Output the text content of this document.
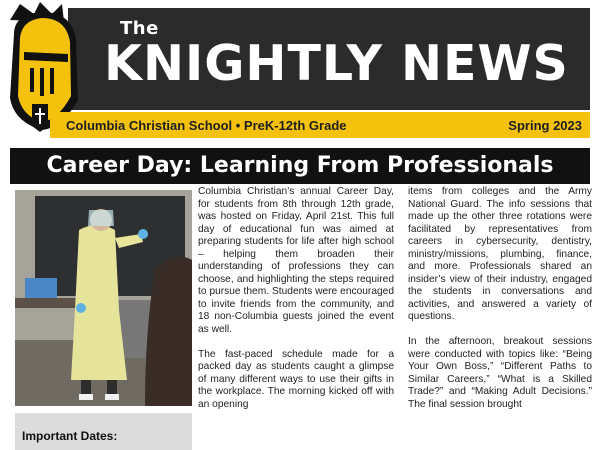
The
KNIGHTLY NEWS
Columbia Christian School • PreK-12th Grade	Spring 2023
Career Day: Learning From Professionals
Important Dates:

Columbia Christian’s annual Career Day, for students from 8th through 12th grade, was hosted on Friday, April 21st. This full day of educational fun was aimed at preparing students for life after high school – helping them broaden their understanding of professions they can choose, and highlighting the steps required to pursue them. Students were encouraged to invite friends from the community, and 18 non-Columbia guests joined the event as well.

The fast-paced schedule made for a packed day as students caught a glimpse of many different ways to use their gifts in the workplace. The morning kicked off with an opening

items from colleges and the Army National Guard. The info sessions that made up the other three rotations were facilitated by representatives from careers in cybersecurity, dentistry, ministry/missions, plumbing, finance, and more. Professionals shared an insider’s view of their industry, engaged the students in conversations and activities, and answered a variety of questions.

In the afternoon, breakout sessions were conducted with topics like: “Being Your Own Boss,” “Different Paths to Similar Careers,” “What is a Skilled Trade?” and “Making Adult Decisions.” The final session brought
